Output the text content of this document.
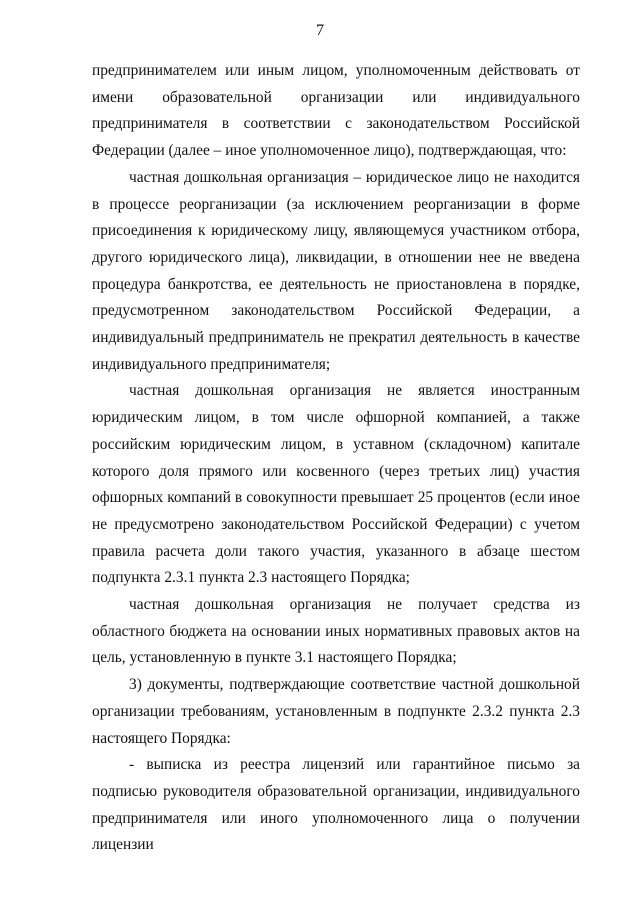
7

предпринимателем или иным лицом, уполномоченным действовать от имени образовательной организации или индивидуального предпринимателя в соответствии с законодательством Российской Федерации (далее – иное уполномоченное лицо), подтверждающая, что:

частная дошкольная организация – юридическое лицо не находится в процессе реорганизации (за исключением реорганизации в форме присоединения к юридическому лицу, являющемуся участником отбора, другого юридического лица), ликвидации, в отношении нее не введена процедура банкротства, ее деятельность не приостановлена в порядке, предусмотренном законодательством Российской Федерации, а индивидуальный предприниматель не прекратил деятельность в качестве индивидуального предпринимателя;

частная дошкольная организация не является иностранным юридическим лицом, в том числе офшорной компанией, а также российским юридическим лицом, в уставном (складочном) капитале которого доля прямого или косвенного (через третьих лиц) участия офшорных компаний в совокупности превышает 25 процентов (если иное не предусмотрено законодательством Российской Федерации) с учетом правила расчета доли такого участия, указанного в абзаце шестом подпункта 2.3.1 пункта 2.3 настоящего Порядка;

частная дошкольная организация не получает средства из областного бюджета на основании иных нормативных правовых актов на цель, установленную в пункте 3.1 настоящего Порядка;

3) документы, подтверждающие соответствие частной дошкольной организации требованиям, установленным в подпункте 2.3.2 пункта 2.3 настоящего Порядка:

- выписка из реестра лицензий или гарантийное письмо за подписью руководителя образовательной организации, индивидуального предпринимателя или иного уполномоченного лица о получении лицензии
